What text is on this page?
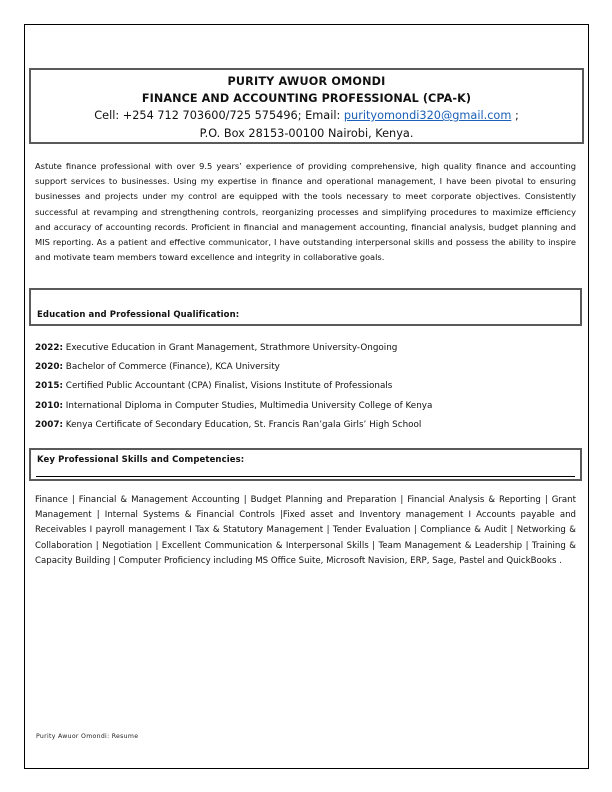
PURITY AWUOR OMONDI
FINANCE AND ACCOUNTING PROFESSIONAL (CPA-K)
Cell: +254 712 703600/725 575496; Email: purityomondi320@gmail.com ;
P.O. Box 28153-00100 Nairobi, Kenya.

Astute finance professional with over 9.5 years’ experience of providing comprehensive, high quality finance and accounting support services to businesses. Using my expertise in finance and operational management, I have been pivotal to ensuring businesses and projects under my control are equipped with the tools necessary to meet corporate objectives. Consistently successful at revamping and strengthening controls, reorganizing processes and simplifying procedures to maximize efficiency and accuracy of accounting records. Proficient in financial and management accounting, financial analysis, budget planning and MIS reporting. As a patient and effective communicator, I have outstanding interpersonal skills and possess the ability to inspire and motivate team members toward excellence and integrity in collaborative goals.

Education and Professional Qualification:
2022: Executive Education in Grant Management, Strathmore University-Ongoing
2020: Bachelor of Commerce (Finance), KCA University
2015: Certified Public Accountant (CPA) Finalist, Visions Institute of Professionals
2010: International Diploma in Computer Studies, Multimedia University College of Kenya
2007: Kenya Certificate of Secondary Education, St. Francis Ran’gala Girls’ High School
Key Professional Skills and Competencies:

Finance | Financial & Management Accounting | Budget Planning and Preparation | Financial Analysis & Reporting | Grant Management | Internal Systems & Financial Controls |Fixed asset and Inventory management I Accounts payable and Receivables I payroll management I Tax & Statutory Management | Tender Evaluation | Compliance & Audit | Networking & Collaboration | Negotiation | Excellent Communication & Interpersonal Skills | Team Management & Leadership | Training & Capacity Building | Computer Proficiency including MS Office Suite, Microsoft Navision, ERP, Sage, Pastel and QuickBooks .

Purity Awuor Omondi: Resume
